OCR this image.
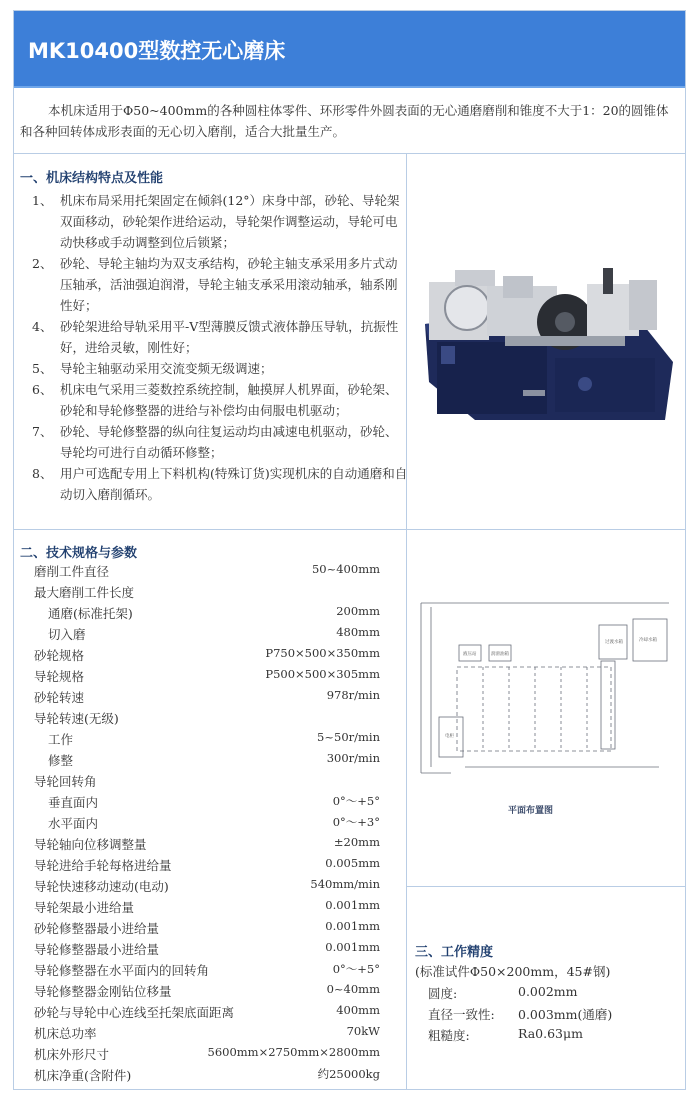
MK10400型数控无心磨床

本机床适用于Φ50~400mm的各种圆柱体零件、环形零件外圆表面的无心通磨磨削和锥度不大于1：20的圆锥体和各种回转体成形表面的无心切入磨削，适合大批量生产。

一、机床结构特点及性能
1、 机床布局采用托架固定在倾斜(12°）床身中部，砂轮、导轮架双面移动，砂轮架作进给运动，导轮架作调整运动，导轮可电动快移或手动调整到位后锁紧；
2、 砂轮、导轮主轴均为双支承结构，砂轮主轴支承采用多片式动压轴承，活油强迫润滑，导轮主轴支承采用滚动轴承，轴系刚性好；
4、 砂轮架进给导轨采用平-V型薄膜反馈式液体静压导轨，抗振性好，进给灵敏，刚性好；
5、 导轮主轴驱动采用交流变频无级调速；
6、 机床电气采用三菱数控系统控制，触摸屏人机界面，砂轮架、砂轮和导轮修整器的进给与补偿均由伺服电机驱动；
7、 砂轮、导轮修整器的纵向往复运动均由减速电机驱动，砂轮、导轮均可进行自动循环修整；
8、 用户可选配专用上下料机构(特殊订货)实现机床的自动通磨和自动切入磨削循环。
二、技术规格与参数
磨削工件直径	50~400mm
最大磨削工件长度
通磨(标准托架)	200mm
切入磨	480mm
砂轮规格	P750×500×350mm
导轮规格	P500×500×305mm
砂轮转速	978r/min
导轮转速(无级)
工作	5~50r/min
修整	300r/min
导轮回转角
垂直面内	0°～+5°
水平面内	0°～+3°
导轮轴向位移调整量	±20mm
导轮进给手轮每格进给量	0.005mm
导轮快速移动速动(电动)	540mm/min
导轮架最小进给量	0.001mm
砂轮修整器最小进给量	0.001mm
导轮修整器最小进给量	0.001mm
导轮修整器在水平面内的回转角	0°～+5°
导轮修整器金刚钻位移量	0~40mm
砂轮与导轮中心连线至托架底面距离	400mm
机床总功率	70kW
机床外形尺寸	5600mm×2750mm×2800mm
机床净重(含附件)	约25000kg
过渡水箱	冷却水箱
液压站	润滑油箱
电柜
平面布置图
三、工作精度
(标准试件Φ50×200mm，45#钢)
圆度:	0.002mm
直径一致性: 0.003mm(通磨)
粗糙度:	Ra0.63μm
